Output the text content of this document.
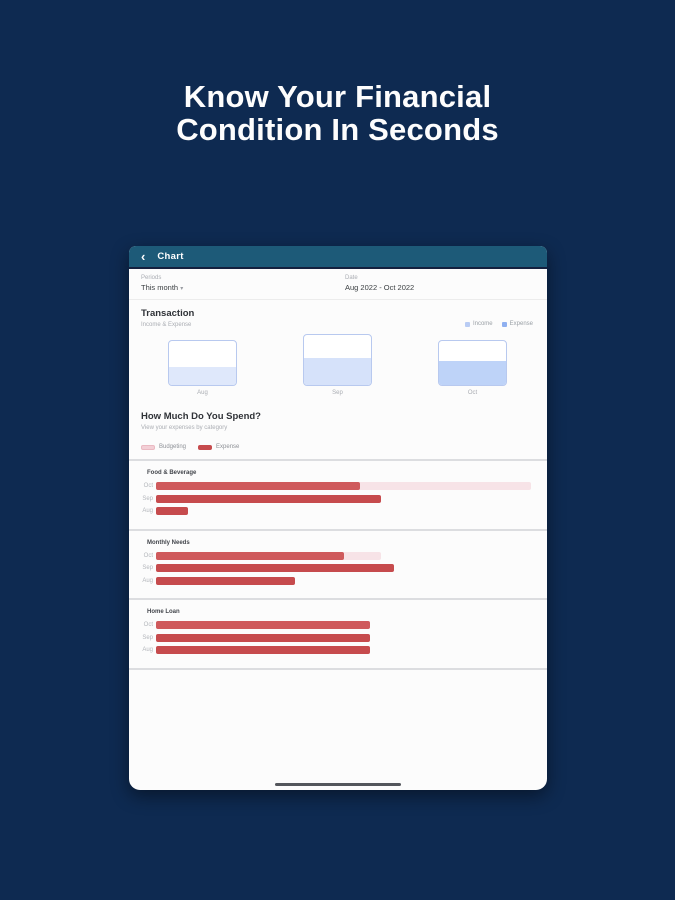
Know Your Financial
Condition In Seconds
‹ Chart
Periods
This month ▾
Date
Aug 2022 - Oct 2022
Transaction
Income & Expense	Income	Expense
Aug	Sep	Oct
How Much Do You Spend?
View your expenses by category
Budgeting	Expense
Food & Beverage
Oct
Sep
Aug
Monthly Needs
Oct
Sep
Aug
Home Loan
Oct
Sep
Aug
